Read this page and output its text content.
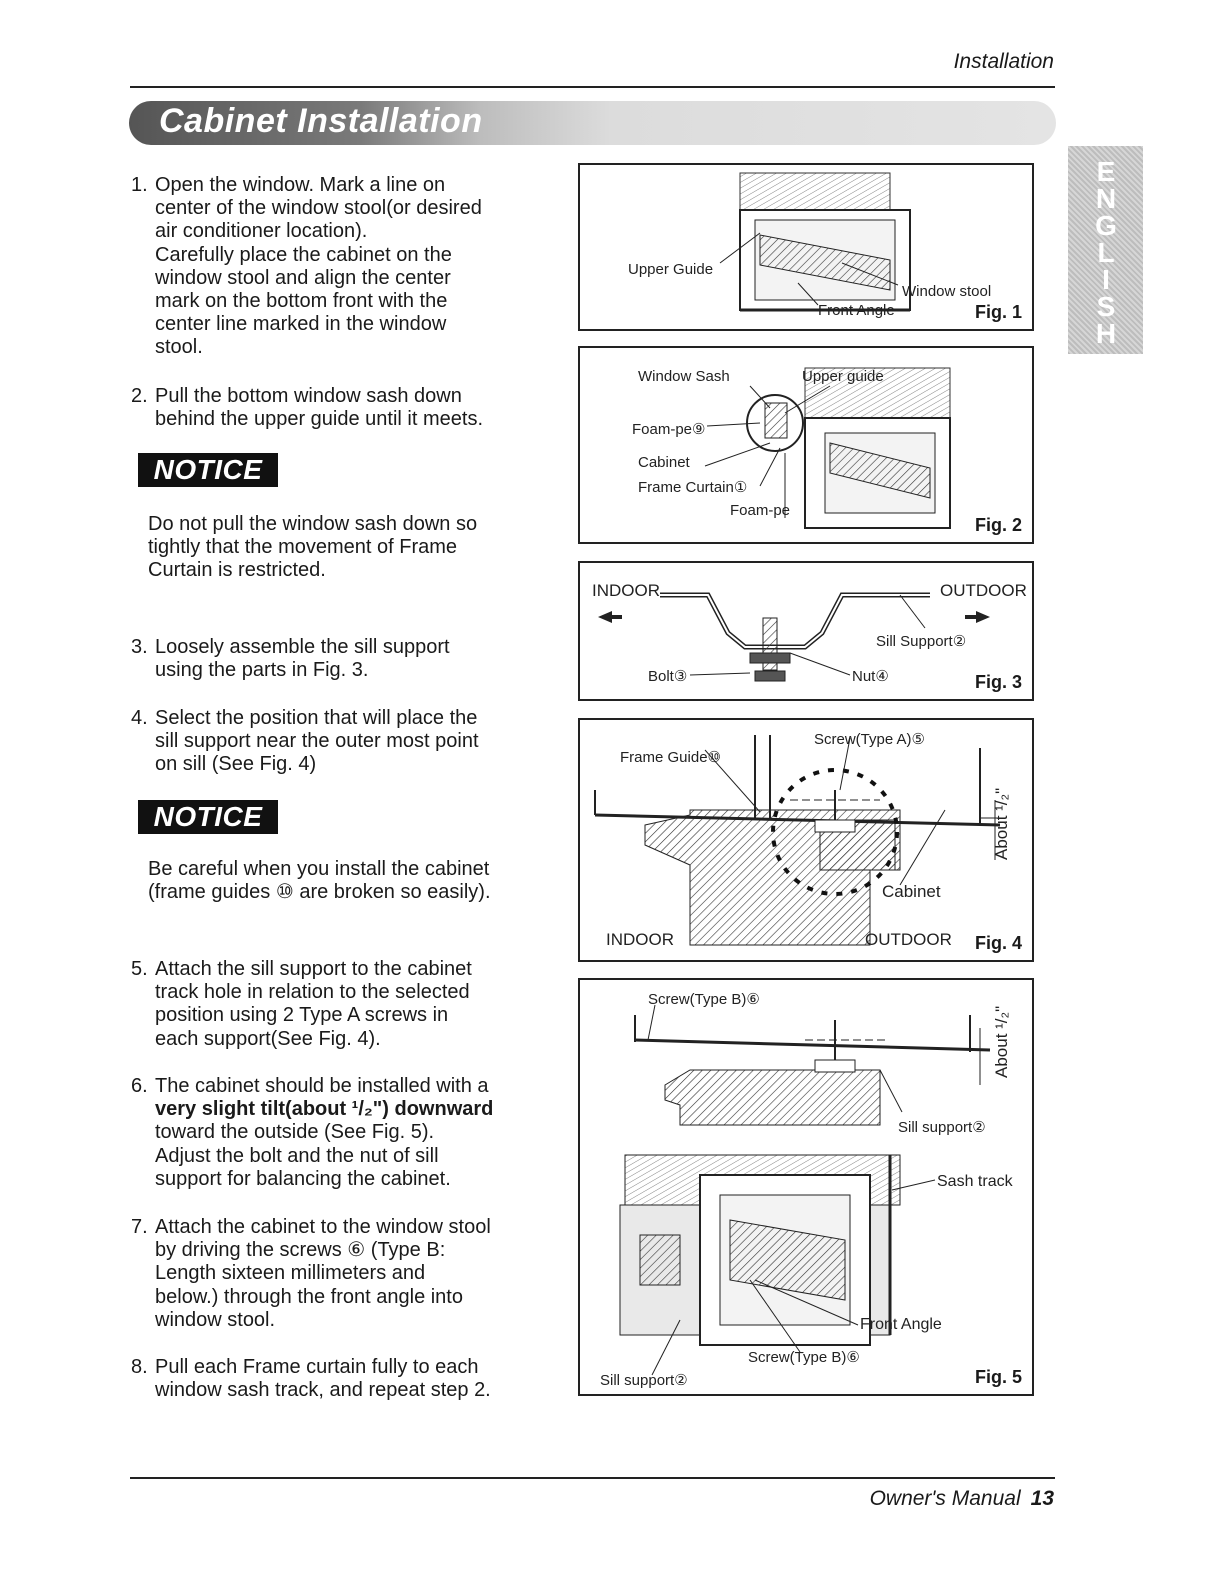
Installation
Cabinet Installation
ENGLISH
1. Open the window. Mark a line on
center of the window stool(or desired
air conditioner location).
Carefully place the cabinet on the
window stool and align the center
mark on the bottom front with the
center line marked in the window
stool.
2. Pull the bottom window sash down
behind the upper guide until it meets.
NOTICE
Do not pull the window sash down so
tightly that the movement of Frame
Curtain is restricted.
3. Loosely assemble the sill support
using the parts in Fig. 3.
4. Select the position that will place the
sill support near the outer most point
on sill (See Fig. 4)
NOTICE
Be careful when you install the cabinet
(frame guides ⑩ are broken so easily).
5. Attach the sill support to the cabinet
track hole in relation to the selected
position using 2 Type A screws in
each support(See Fig. 4).
6. The cabinet should be installed with a
very slight tilt(about ¹/₂") downward
toward the outside (See Fig. 5).
Adjust the bolt and the nut of sill
support for balancing the cabinet.
7. Attach the cabinet to the window stool
by driving the screws ⑥ (Type B:
Length sixteen millimeters and
below.) through the front angle into
window stool.
8. Pull each Frame curtain fully to each
window sash track, and repeat step 2.
Upper Guide
Window stool
Front Angle	Fig. 1
Window Sash	Upper guide
Foam-pe⑨
Cabinet
Frame Curtain①
Foam-pe
Fig. 2
INDOOR	OUTDOOR
Sill Support②
Bolt③	Nut④	Fig. 3
Frame Guide⑩
Screw(Type A)⑤
About ¹/₂"
Cabinet
INDOOR	OUTDOOR Fig. 4
Screw(Type B)⑥
About ¹/₂"
Sill support②
Sash track
Front Angle
Screw(Type B)⑥
Sill support②	Fig. 5
Owner's Manual 13
